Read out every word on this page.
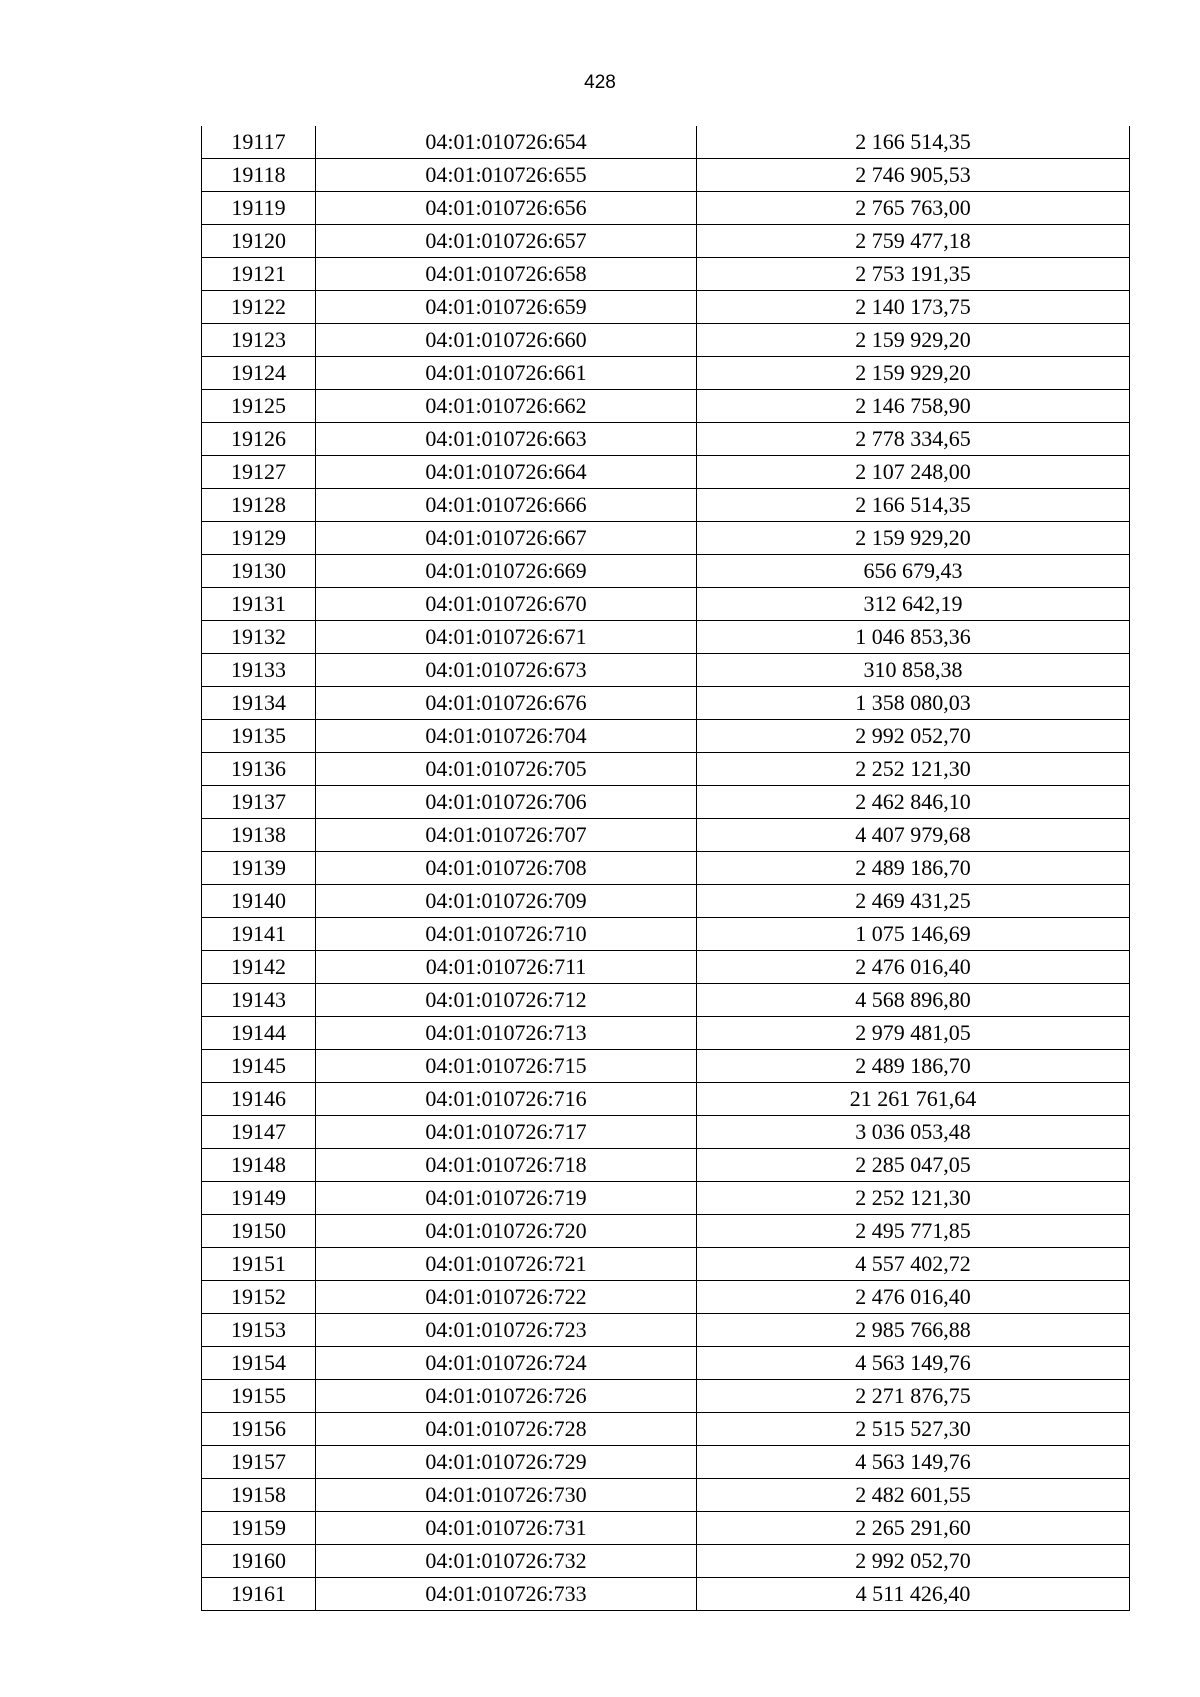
428
19117	04:01:010726:654	2 166 514,35
19118	04:01:010726:655	2 746 905,53
19119	04:01:010726:656	2 765 763,00
19120	04:01:010726:657	2 759 477,18
19121	04:01:010726:658	2 753 191,35
19122	04:01:010726:659	2 140 173,75
19123	04:01:010726:660	2 159 929,20
19124	04:01:010726:661	2 159 929,20
19125	04:01:010726:662	2 146 758,90
19126	04:01:010726:663	2 778 334,65
19127	04:01:010726:664	2 107 248,00
19128	04:01:010726:666	2 166 514,35
19129	04:01:010726:667	2 159 929,20
19130	04:01:010726:669	656 679,43
19131	04:01:010726:670	312 642,19
19132	04:01:010726:671	1 046 853,36
19133	04:01:010726:673	310 858,38
19134	04:01:010726:676	1 358 080,03
19135	04:01:010726:704	2 992 052,70
19136	04:01:010726:705	2 252 121,30
19137	04:01:010726:706	2 462 846,10
19138	04:01:010726:707	4 407 979,68
19139	04:01:010726:708	2 489 186,70
19140	04:01:010726:709	2 469 431,25
19141	04:01:010726:710	1 075 146,69
19142	04:01:010726:711	2 476 016,40
19143	04:01:010726:712	4 568 896,80
19144	04:01:010726:713	2 979 481,05
19145	04:01:010726:715	2 489 186,70
19146	04:01:010726:716	21 261 761,64
19147	04:01:010726:717	3 036 053,48
19148	04:01:010726:718	2 285 047,05
19149	04:01:010726:719	2 252 121,30
19150	04:01:010726:720	2 495 771,85
19151	04:01:010726:721	4 557 402,72
19152	04:01:010726:722	2 476 016,40
19153	04:01:010726:723	2 985 766,88
19154	04:01:010726:724	4 563 149,76
19155	04:01:010726:726	2 271 876,75
19156	04:01:010726:728	2 515 527,30
19157	04:01:010726:729	4 563 149,76
19158	04:01:010726:730	2 482 601,55
19159	04:01:010726:731	2 265 291,60
19160	04:01:010726:732	2 992 052,70
19161	04:01:010726:733	4 511 426,40
